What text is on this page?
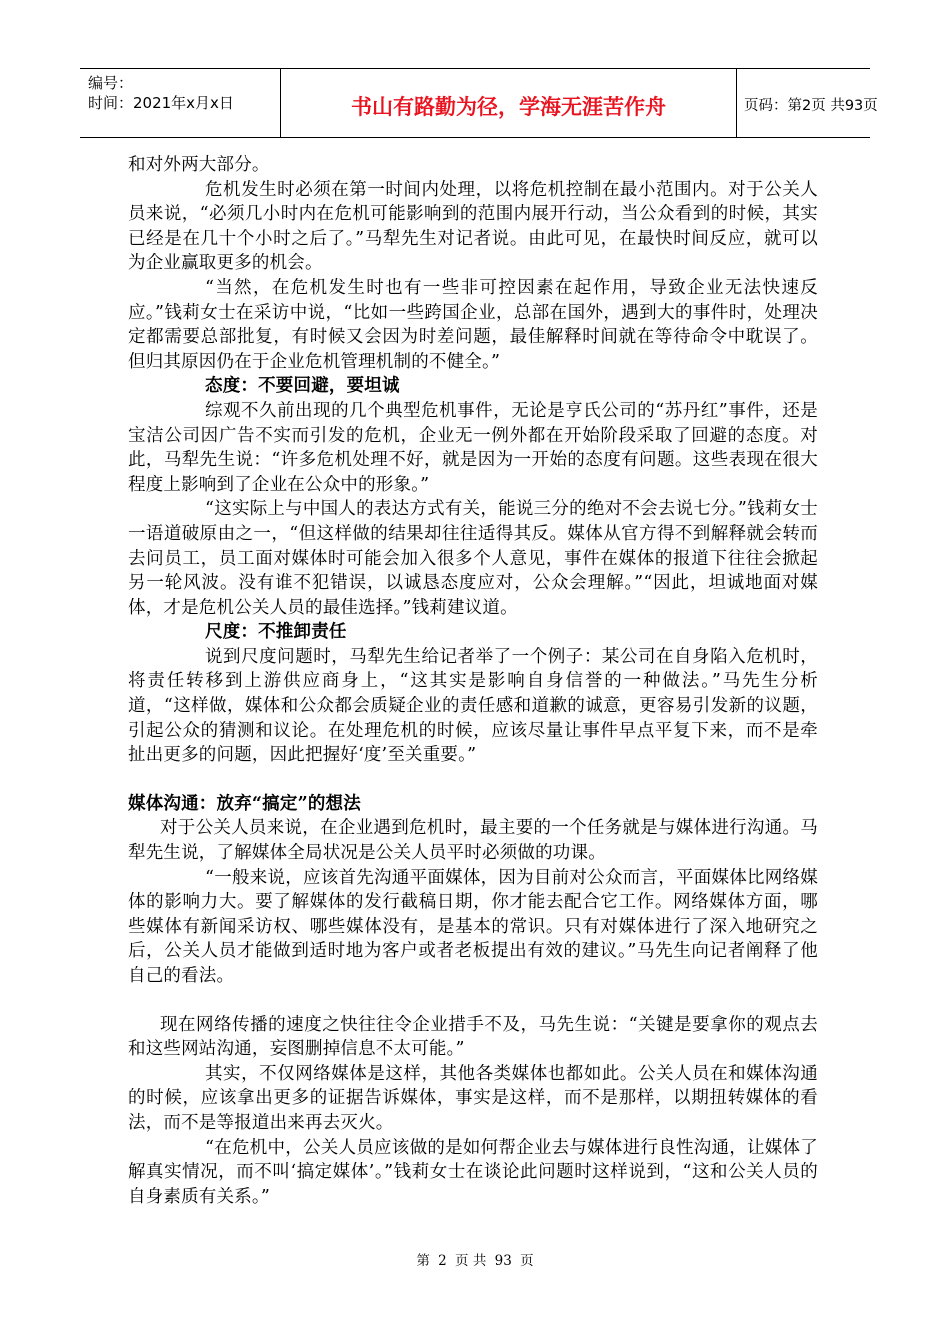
编号：
时间：2021年x月x日	书山有路勤为径，学海无涯苦作舟	页码：第2页 共93页

和对外两大部分。

危机发生时必须在第一时间内处理，以将危机控制在最小范围内。对于公关人员来说，“必须几小时内在危机可能影响到的范围内展开行动，当公众看到的时候，其实已经是在几十个小时之后了。”马犁先生对记者说。由此可见，在最快时间反应，就可以为企业赢取更多的机会。

“当然，在危机发生时也有一些非可控因素在起作用，导致企业无法快速反应。”钱莉女士在采访中说，“比如一些跨国企业，总部在国外，遇到大的事件时，处理决定都需要总部批复，有时候又会因为时差问题，最佳解释时间就在等待命令中耽误了。但归其原因仍在于企业危机管理机制的不健全。”

态度：不要回避，要坦诚

综观不久前出现的几个典型危机事件，无论是亨氏公司的“苏丹红”事件，还是宝洁公司因广告不实而引发的危机，企业无一例外都在开始阶段采取了回避的态度。对此，马犁先生说：“许多危机处理不好，就是因为一开始的态度有问题。这些表现在很大程度上影响到了企业在公众中的形象。”

“这实际上与中国人的表达方式有关，能说三分的绝对不会去说七分。”钱莉女士一语道破原由之一，“但这样做的结果却往往适得其反。媒体从官方得不到解释就会转而去问员工，员工面对媒体时可能会加入很多个人意见，事件在媒体的报道下往往会掀起另一轮风波。没有谁不犯错误，以诚恳态度应对，公众会理解。”“因此，坦诚地面对媒体，才是危机公关人员的最佳选择。”钱莉建议道。

尺度：不推卸责任

说到尺度问题时，马犁先生给记者举了一个例子：某公司在自身陷入危机时，将责任转移到上游供应商身上，“这其实是影响自身信誉的一种做法。”马先生分析道，“这样做，媒体和公众都会质疑企业的责任感和道歉的诚意，更容易引发新的议题，引起公众的猜测和议论。在处理危机的时候，应该尽量让事件早点平复下来，而不是牵扯出更多的问题，因此把握好‘度’至关重要。”

媒体沟通：放弃“搞定”的想法

对于公关人员来说，在企业遇到危机时，最主要的一个任务就是与媒体进行沟通。马犁先生说，了解媒体全局状况是公关人员平时必须做的功课。

“一般来说，应该首先沟通平面媒体，因为目前对公众而言，平面媒体比网络媒体的影响力大。要了解媒体的发行截稿日期，你才能去配合它工作。网络媒体方面，哪些媒体有新闻采访权、哪些媒体没有，是基本的常识。只有对媒体进行了深入地研究之后，公关人员才能做到适时地为客户或者老板提出有效的建议。”马先生向记者阐释了他自己的看法。

现在网络传播的速度之快往往令企业措手不及，马先生说：“关键是要拿你的观点去和这些网站沟通，妄图删掉信息不太可能。”

其实，不仅网络媒体是这样，其他各类媒体也都如此。公关人员在和媒体沟通的时候，应该拿出更多的证据告诉媒体，事实是这样，而不是那样，以期扭转媒体的看法，而不是等报道出来再去灭火。

“在危机中，公关人员应该做的是如何帮企业去与媒体进行良性沟通，让媒体了解真实情况，而不叫‘搞定媒体’。”钱莉女士在谈论此问题时这样说到，“这和公关人员的自身素质有关系。”

第 2 页 共 93 页
